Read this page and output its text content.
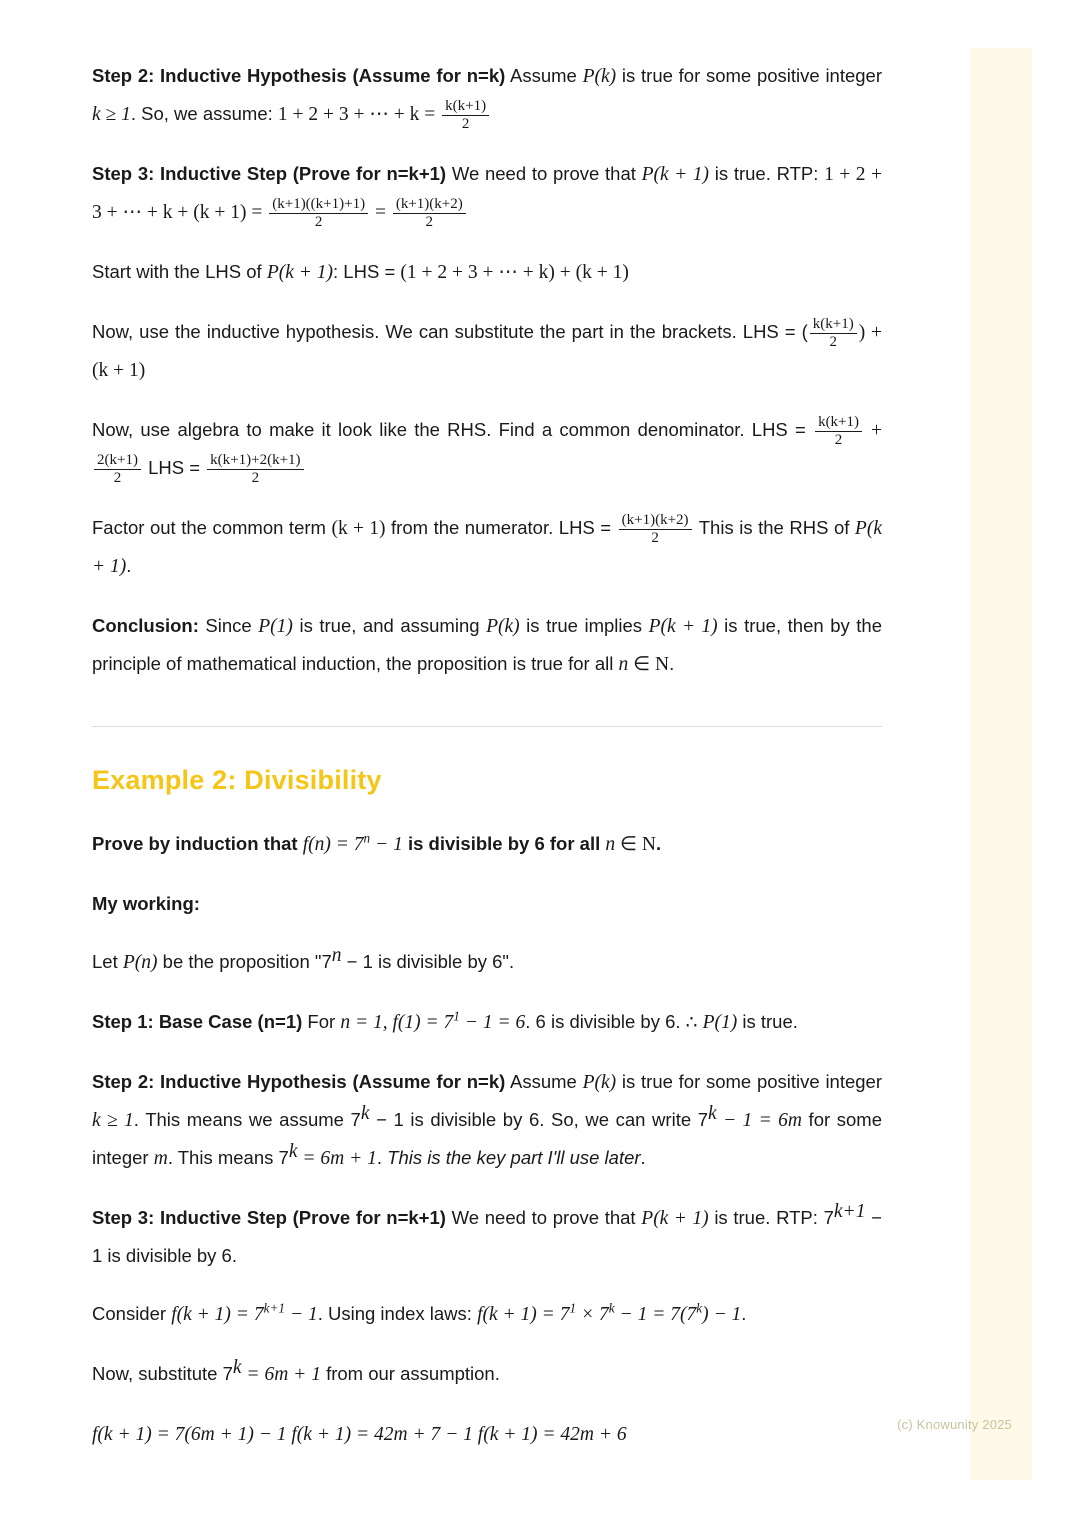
Step 2: Inductive Hypothesis (Assume for n=k) Assume P(k) is true for some positive integer k ≥ 1. So, we assume: 1 + 2 + 3 + ⋯ + $k = \frac{k(k+1)}{2}$

Step 3: Inductive Step (Prove for n=k+1) We need to prove that P(k + 1) is true. RTP: 1 + 2 + 3 + ⋯ + $k + (k + 1) = \frac{(k+1)((k+1)+1)}{2} = \frac{(k+1)(k+2)}{2}$

Start with the LHS of P(k + 1): LHS = (1 + 2 + 3 + ⋯ + k) + (k + 1)

Now, use the inductive hypothesis. We can substitute the part in the brackets. LHS = ( $\frac{k(k+1)}{2}$ ) + (k + 1)

Now, use algebra to make it look like the RHS. Find a common denominator. LHS = $\frac{k(k+1)}{2}$ +
$\frac{2(k+1)}{2}$ LHS = $\frac{k(k+1)+2(k+1)}{2}$

Factor out the common term (k + 1) from the numerator. LHS = $\frac{(k+1)(k+2)}{2}$ This is the RHS of P(k + 1).

Conclusion: Since P(1) is true, and assuming P(k) is true implies P(k + 1) is true, then by the principle of mathematical induction, the proposition is true for all n ∈ N.

Example 2: Divisibility

Prove by induction that $f(n) = 7^n - 1$ is divisible by 6 for all n ∈ N.

My working:

Let P(n) be the proposition "$7^n - 1$ is divisible by 6".

Step 1: Base Case (n=1) For n = 1, $f(1) = 7^1 - 1 = 6$. 6 is divisible by 6. ∴ P(1) is true.

Step 2: Inductive Hypothesis (Assume for n=k) Assume P(k) is true for some positive integer k ≥ 1. This means we assume $7^k - 1$ is divisible by 6. So, we can write $7^k - 1 = 6m$ for some integer m. This means $7^k = 6m + 1$. This is the key part I'll use later.

Step 3: Inductive Step (Prove for n=k+1) We need to prove that P(k + 1) is true. RTP: $7^{k+1} - 1$ is divisible by 6.

Consider $f(k + 1) = 7^{k+1} - 1$. Using index laws: $f(k + 1) = 7^1 \times 7^k - 1 = 7(7^k) - 1$.

Now, substitute $7^k = 6m + 1$ from our assumption.

f(k + 1) = 7(6m + 1) − 1 f(k + 1) = 42m + 7 − 1 f(k + 1) = 42m + 6	(c) Knowunity 2025
